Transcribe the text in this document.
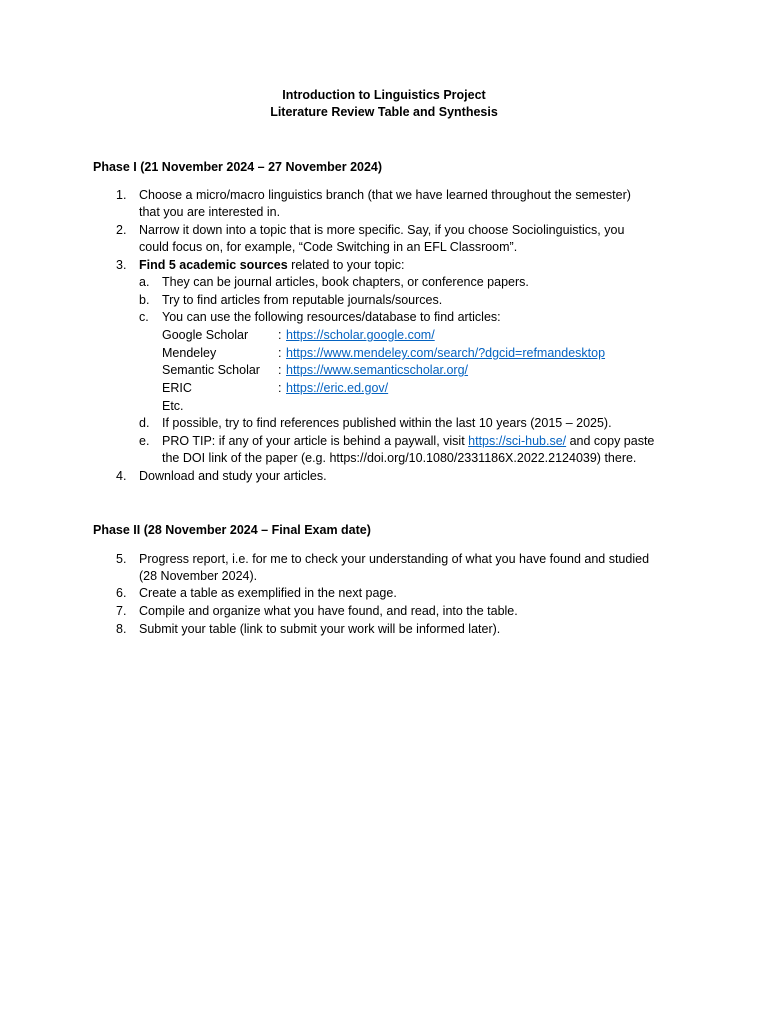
Introduction to Linguistics Project
Literature Review Table and Synthesis
Phase I (21 November 2024 – 27 November 2024)
1. Choose a micro/macro linguistics branch (that we have learned throughout the semester)
that you are interested in.
2. Narrow it down into a topic that is more specific. Say, if you choose Sociolinguistics, you
could focus on, for example, “Code Switching in an EFL Classroom”.
3. Find 5 academic sources related to your topic:
a. They can be journal articles, book chapters, or conference papers.
b. Try to find articles from reputable journals/sources.
c. You can use the following resources/database to find articles:
Google Scholar : https://scholar.google.com/
Mendeley	: https://www.mendeley.com/search/?dgcid=refmandesktop
Semantic Scholar : https://www.semanticscholar.org/
ERIC	: https://eric.ed.gov/
Etc.
d. If possible, try to find references published within the last 10 years (2015 – 2025).
e. PRO TIP: if any of your article is behind a paywall, visit https://sci-hub.se/ and copy paste
the DOI link of the paper (e.g. https://doi.org/10.1080/2331186X.2022.2124039) there.
4. Download and study your articles.
Phase II (28 November 2024 – Final Exam date)
5. Progress report, i.e. for me to check your understanding of what you have found and studied
(28 November 2024).
6. Create a table as exemplified in the next page.
7. Compile and organize what you have found, and read, into the table.
8. Submit your table (link to submit your work will be informed later).
